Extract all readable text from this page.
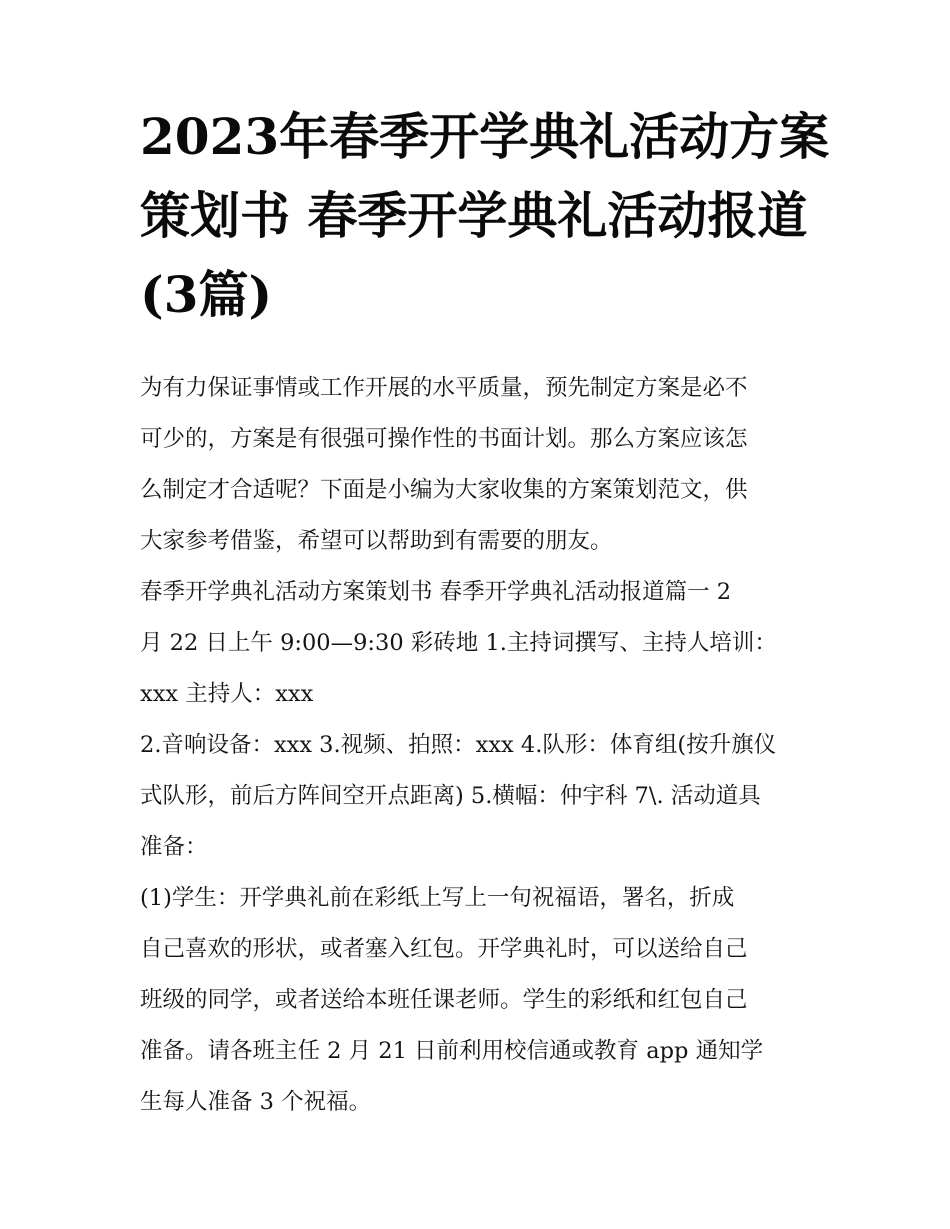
2023年春季开学典礼活动方案
策划书 春季开学典礼活动报道
(3篇)
为有力保证事情或工作开展的水平质量，预先制定方案是必不
可少的，方案是有很强可操作性的书面计划。那么方案应该怎
么制定才合适呢？下面是小编为大家收集的方案策划范文，供
大家参考借鉴，希望可以帮助到有需要的朋友。
春季开学典礼活动方案策划书 春季开学典礼活动报道篇一 2
月 22 日上午 9:00—9:30 彩砖地 1.主持词撰写、主持人培训：
xxx 主持人：xxx
2.音响设备：xxx 3.视频、拍照：xxx 4.队形：体育组(按升旗仪
式队形，前后方阵间空开点距离) 5.横幅：仲宇科 7\. 活动道具
准备：
(1)学生：开学典礼前在彩纸上写上一句祝福语，署名，折成
自己喜欢的形状，或者塞入红包。开学典礼时，可以送给自己
班级的同学，或者送给本班任课老师。学生的彩纸和红包自己
准备。请各班主任 2 月 21 日前利用校信通或教育 app 通知学
生每人准备 3 个祝福。
